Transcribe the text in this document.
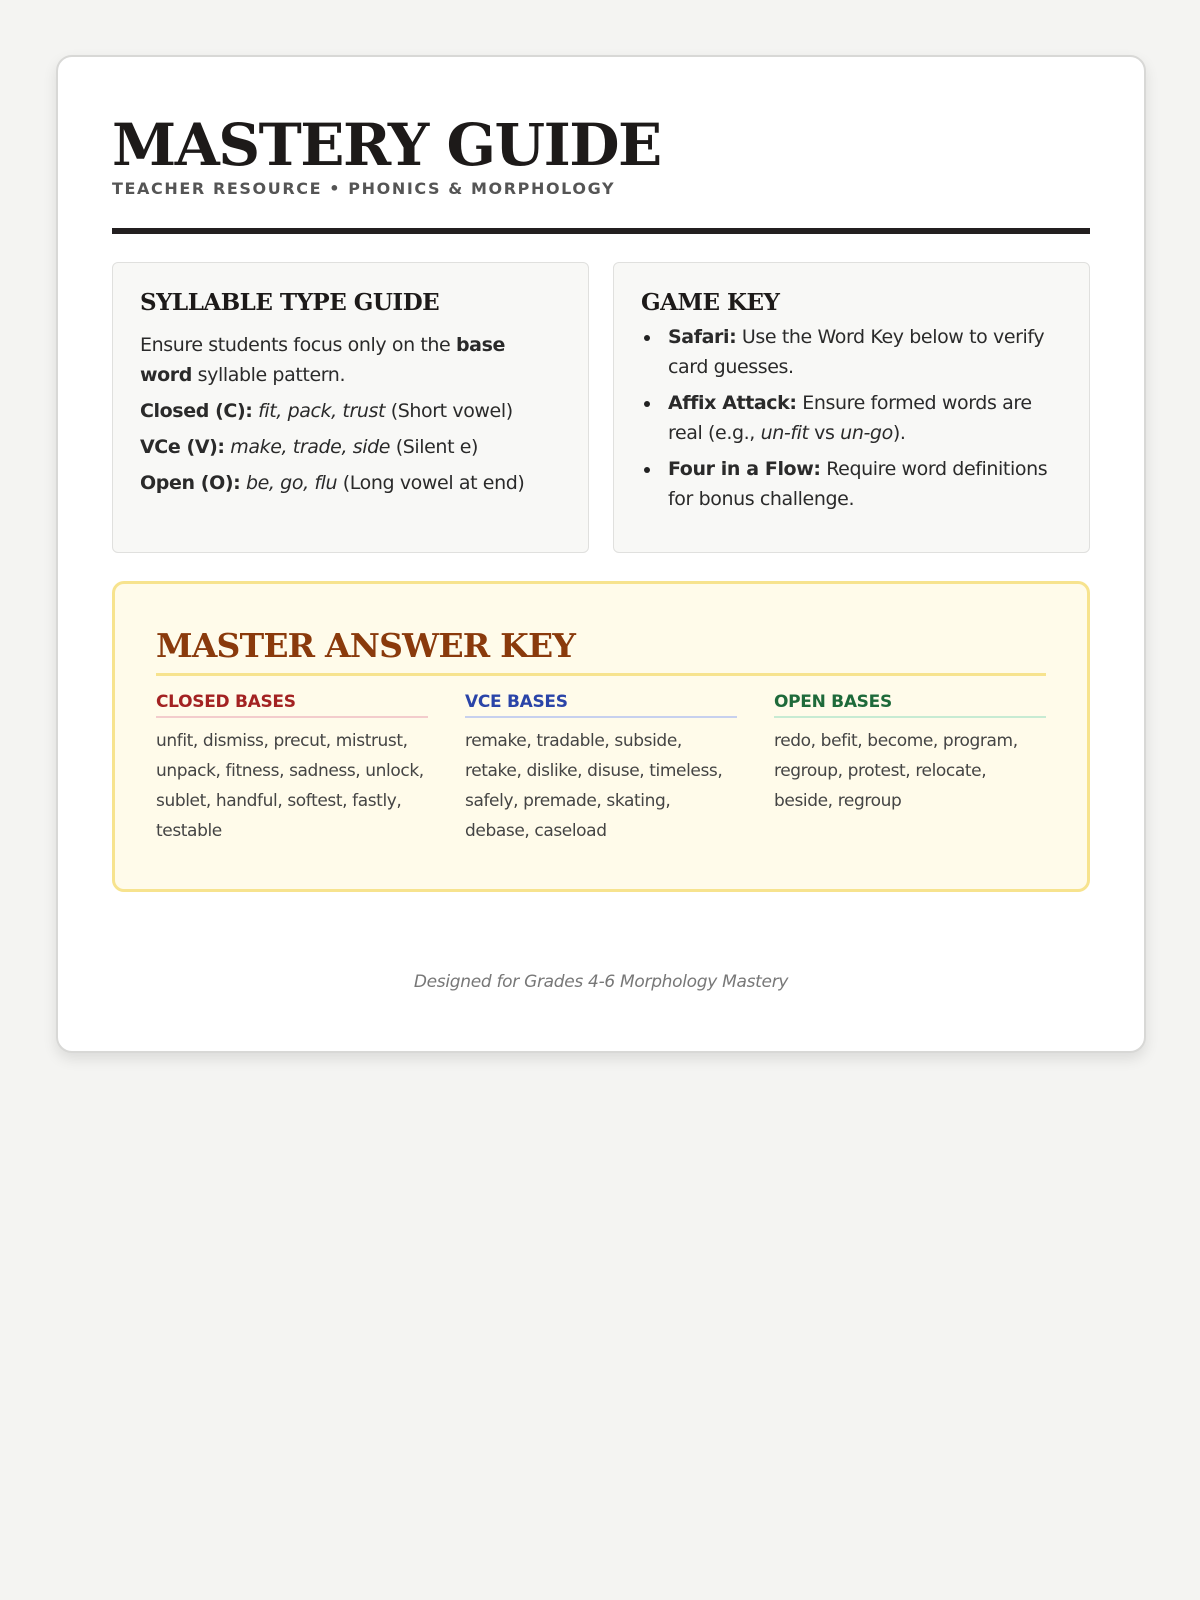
MASTERY GUIDE
TEACHER RESOURCE • PHONICS & MORPHOLOGY
SYLLABLE TYPE GUIDE

Ensure students focus only on the base word syllable pattern.

Closed (C): fit, pack, trust (Short vowel)

VCe (V): make, trade, side (Silent e)

Open (O): be, go, flu (Long vowel at end)

GAME KEY
Safari: Use the Word Key below to verify card guesses.
Affix Attack: Ensure formed words are real (e.g., un-fit vs un-go).
Four in a Flow: Require word definitions for bonus challenge.
MASTER ANSWER KEY
CLOSED BASES
unfit, dismiss, precut, mistrust, unpack, fitness, sadness, unlock, sublet, handful, softest, fastly, testable
VCE BASES
remake, tradable, subside, retake, dislike, disuse, timeless, safely, premade, skating, debase, caseload
OPEN BASES
redo, befit, become, program, regroup, protest, relocate, beside, regroup
Designed for Grades 4-6 Morphology Mastery
